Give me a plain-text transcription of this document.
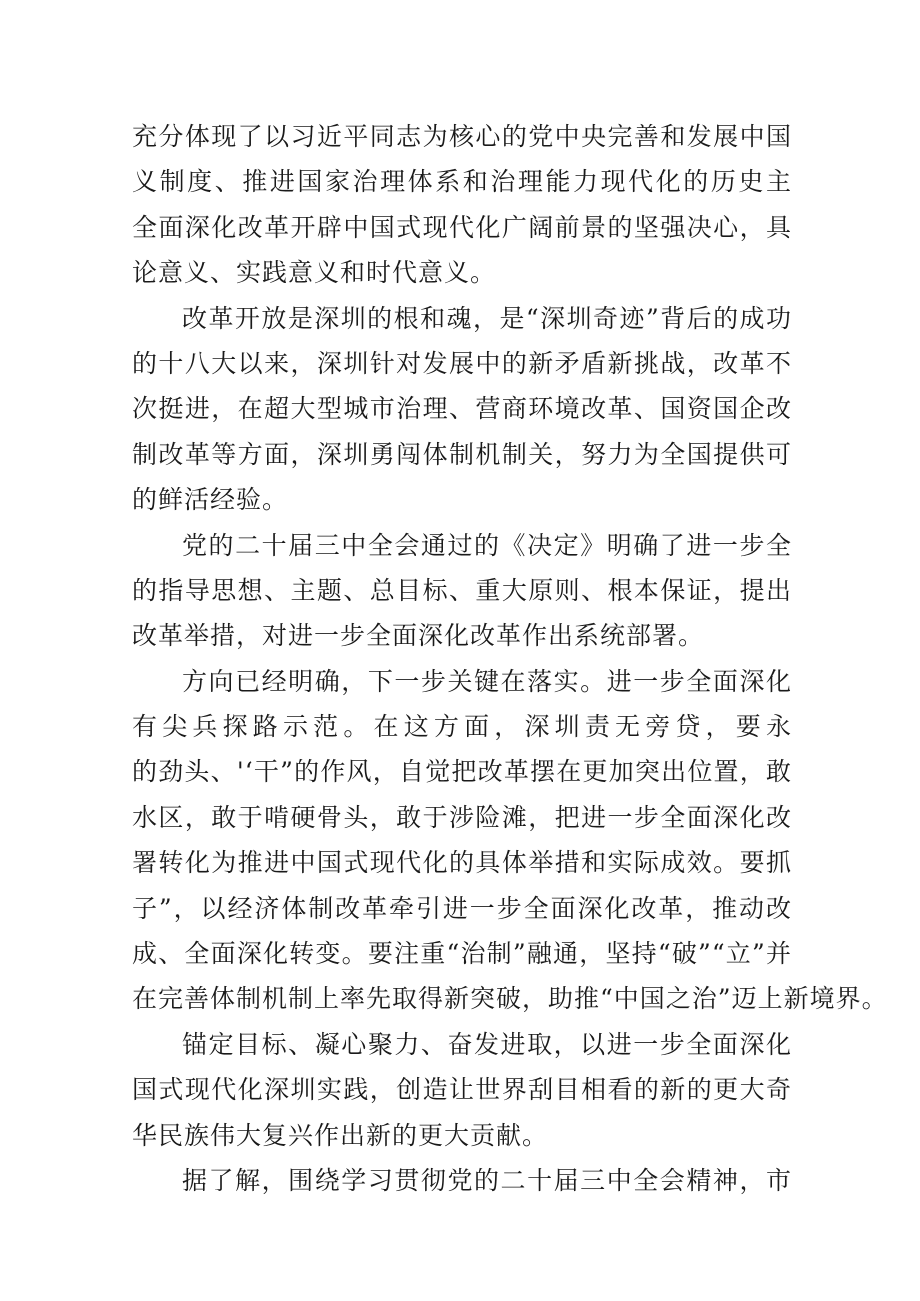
充分体现了以习近平同志为核心的党中央完善和发展中国
义制度、推进国家治理体系和治理能力现代化的历史主
全面深化改革开辟中国式现代化广阔前景的坚强决心，具
论意义、实践意义和时代意义。
改革开放是深圳的根和魂，是“深圳奇迹”背后的成功
的十八大以来，深圳针对发展中的新矛盾新挑战，改革不
次挺进，在超大型城市治理、营商环境改革、国资国企改
制改革等方面，深圳勇闯体制机制关，努力为全国提供可
的鲜活经验。
党的二十届三中全会通过的《决定》明确了进一步全
的指导思想、主题、总目标、重大原则、根本保证，提出
改革举措，对进一步全面深化改革作出系统部署。
方向已经明确，下一步关键在落实。进一步全面深化
有尖兵探路示范。在这方面，深圳责无旁贷，要永
的劲头、'‘干”的作风，自觉把改革摆在更加突出位置，敢
水区，敢于啃硬骨头，敢于涉险滩，把进一步全面深化改
署转化为推进中国式现代化的具体举措和实际成效。要抓
子”，以经济体制改革牵引进一步全面深化改革，推动改
成、全面深化转变。要注重“治制”融通，坚持“破”“立”并
在完善体制机制上率先取得新突破，助推“中国之治”迈上新境界。
锚定目标、凝心聚力、奋发进取，以进一步全面深化
国式现代化深圳实践，创造让世界刮目相看的新的更大奇
华民族伟大复兴作出新的更大贡献。
据了解，围绕学习贯彻党的二十届三中全会精神，市
